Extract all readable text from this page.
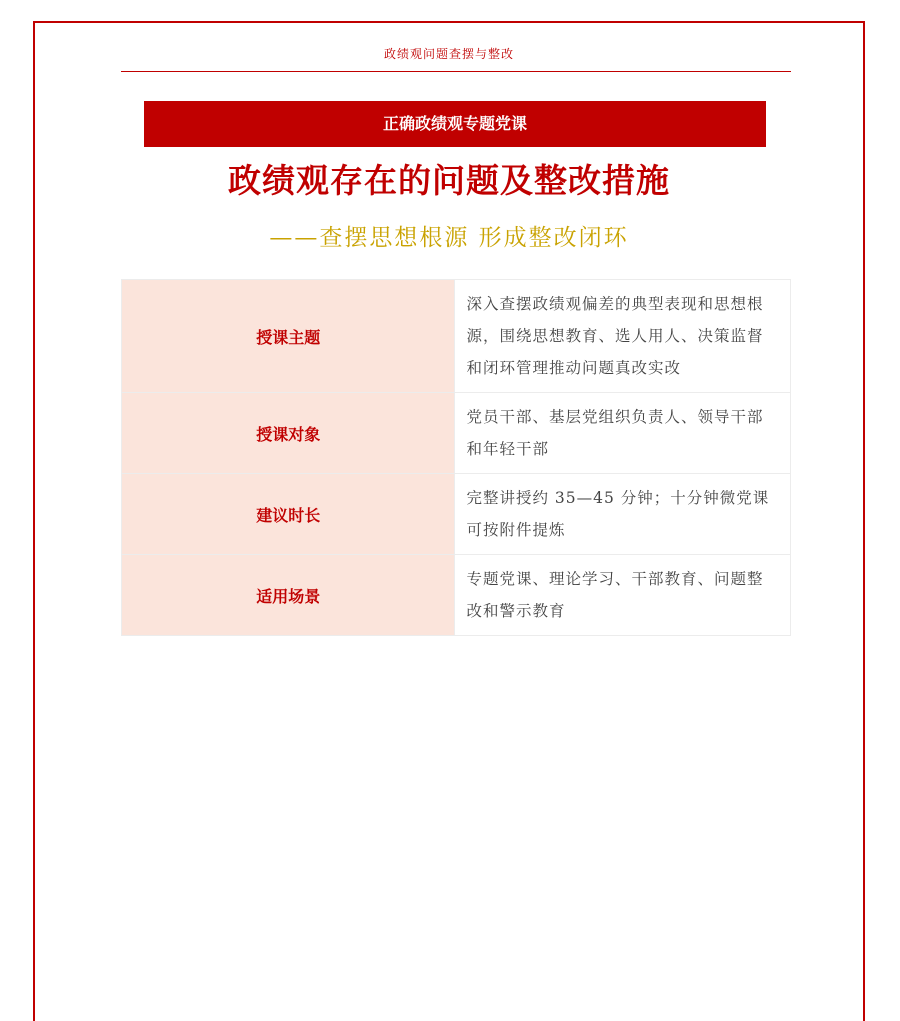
政绩观问题查摆与整改
正确政绩观专题党课
政绩观存在的问题及整改措施
——查摆思想根源 形成整改闭环
授课主题	深入查摆政绩观偏差的典型表现和思想根源，围绕思想教育、选人用人、决策监督和闭环管理推动问题真改实改
授课对象	党员干部、基层党组织负责人、领导干部和年轻干部
建议时长	完整讲授约 35—45 分钟；十分钟微党课可按附件提炼
适用场景	专题党课、理论学习、干部教育、问题整改和警示教育
